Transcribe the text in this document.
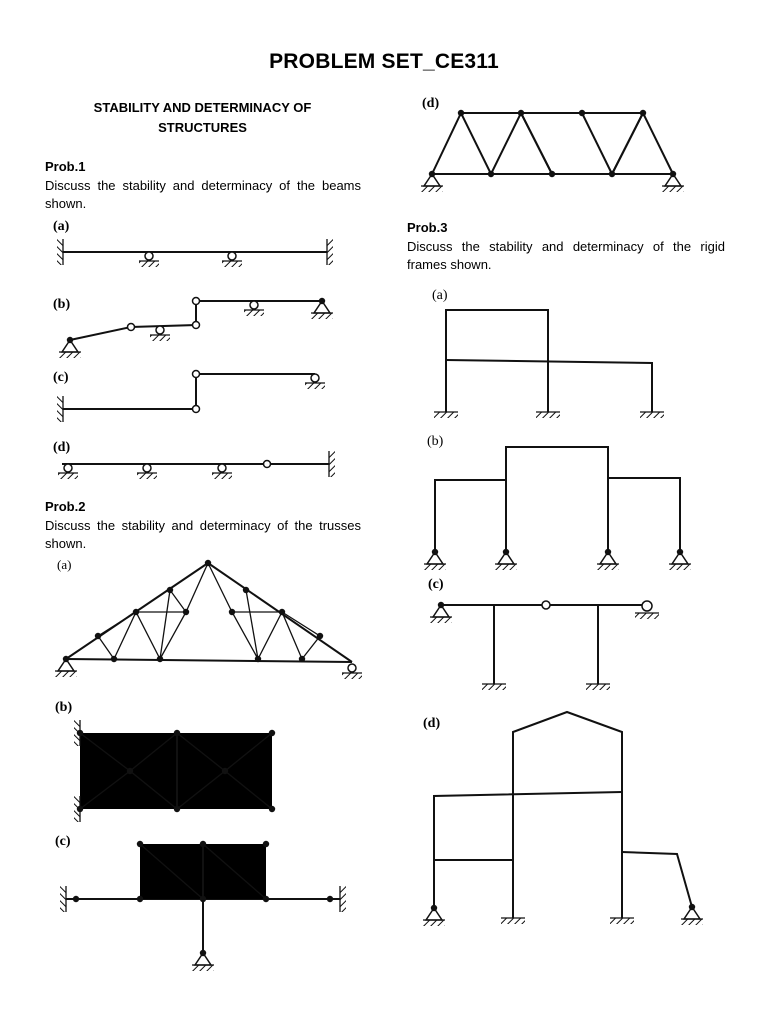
PROBLEM SET_CE311
STABILITY AND DETERMINACY OF STRUCTURES
Prob.1
Discuss the stability and determinacy of the beams shown.
(a)
(b)
(c)
(d)
Prob.2
Discuss the stability and determinacy of the trusses shown.
(a)
(b)
(c)
(d)
Prob.3
Discuss the stability and determinacy of the rigid frames shown.
(a)
(b)
(c)
(d)
